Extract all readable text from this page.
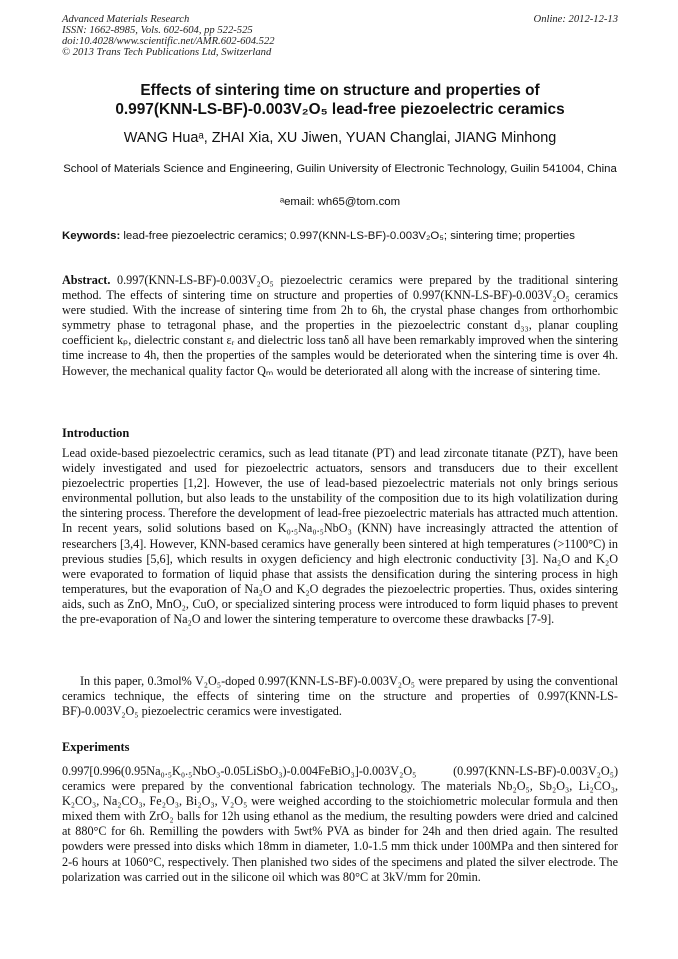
Advanced Materials Research
ISSN: 1662-8985, Vols. 602-604, pp 522-525
doi:10.4028/www.scientific.net/AMR.602-604.522
© 2013 Trans Tech Publications Ltd, Switzerland
Online: 2012-12-13
Effects of sintering time on structure and properties of
0.997(KNN-LS-BF)-0.003V₂O₅ lead-free piezoelectric ceramics
WANG Huaᵃ, ZHAI Xia, XU Jiwen, YUAN Changlai, JIANG Minhong
School of Materials Science and Engineering, Guilin University of Electronic Technology, Guilin 541004, China
ᵃemail: wh65@tom.com
Keywords: lead-free piezoelectric ceramics; 0.997(KNN-LS-BF)-0.003V₂O₅; sintering time; properties
Abstract. 0.997(KNN-LS-BF)-0.003V₂O₅ piezoelectric ceramics were prepared by the traditional sintering method. The effects of sintering time on structure and properties of 0.997(KNN-LS-BF)-0.003V₂O₅ ceramics were studied. With the increase of sintering time from 2h to 6h, the crystal phase changes from orthorhombic symmetry phase to tetragonal phase, and the properties in the piezoelectric constant d₃₃, planar coupling coefficient kₚ, dielectric constant εᵣ and dielectric loss tanδ all have been remarkably improved when the sintering time increase to 4h, then the properties of the samples would be deteriorated when the sintering time is over 4h. However, the mechanical quality factor Qₘ would be deteriorated all along with the increase of sintering time.
Introduction
Lead oxide-based piezoelectric ceramics, such as lead titanate (PT) and lead zirconate titanate (PZT), have been widely investigated and used for piezoelectric actuators, sensors and transducers due to their excellent piezoelectric properties [1,2]. However, the use of lead-based piezoelectric materials not only brings serious environmental pollution, but also leads to the unstability of the composition due to its high volatilization during the sintering process. Therefore the development of lead-free piezoelectric materials has attracted much attention. In recent years, solid solutions based on K₀.₅Na₀.₅NbO₃ (KNN) have increasingly attracted the attention of researchers [3,4]. However, KNN-based ceramics have generally been sintered at high temperatures (>1100°C) in previous studies [5,6], which results in oxygen deficiency and high electronic conductivity [3]. Na₂O and K₂O were evaporated to formation of liquid phase that assists the densification during the sintering process in high temperatures, but the evaporation of Na₂O and K₂O degrades the piezoelectric properties. Thus, oxides sintering aids, such as ZnO, MnO₂, CuO, or specialized sintering process were introduced to form liquid phases to prevent the pre-evaporation of Na₂O and lower the sintering temperature to overcome these drawbacks [7-9].
In this paper, 0.3mol% V₂O₅-doped 0.997(KNN-LS-BF)-0.003V₂O₅ were prepared by using the conventional ceramics technique, the effects of sintering time on the structure and properties of 0.997(KNN-LS-BF)-0.003V₂O₅ piezoelectric ceramics were investigated.
Experiments
0.997[0.996(0.95Na₀.₅K₀.₅NbO₃-0.05LiSbO₃)-0.004FeBiO₃]-0.003V₂O₅ (0.997(KNN-LS-BF)-0.003V₂O₅) ceramics were prepared by the conventional fabrication technology. The materials Nb₂O₅, Sb₂O₃, Li₂CO₃, K₂CO₃, Na₂CO₃, Fe₂O₃, Bi₂O₃, V₂O₅ were weighed according to the stoichiometric molecular formula and then mixed them with ZrO₂ balls for 12h using ethanol as the medium, the resulting powders were dried and calcined at 880°C for 6h. Remilling the powders with 5wt% PVA as binder for 24h and then dried again. The resulted powders were pressed into disks which 18mm in diameter, 1.0-1.5 mm thick under 100MPa and then sintered for 2-6 hours at 1060°C, respectively. Then planished two sides of the specimens and plated the silver electrode. The polarization was carried out in the silicone oil which was 80°C at 3kV/mm for 20min.
